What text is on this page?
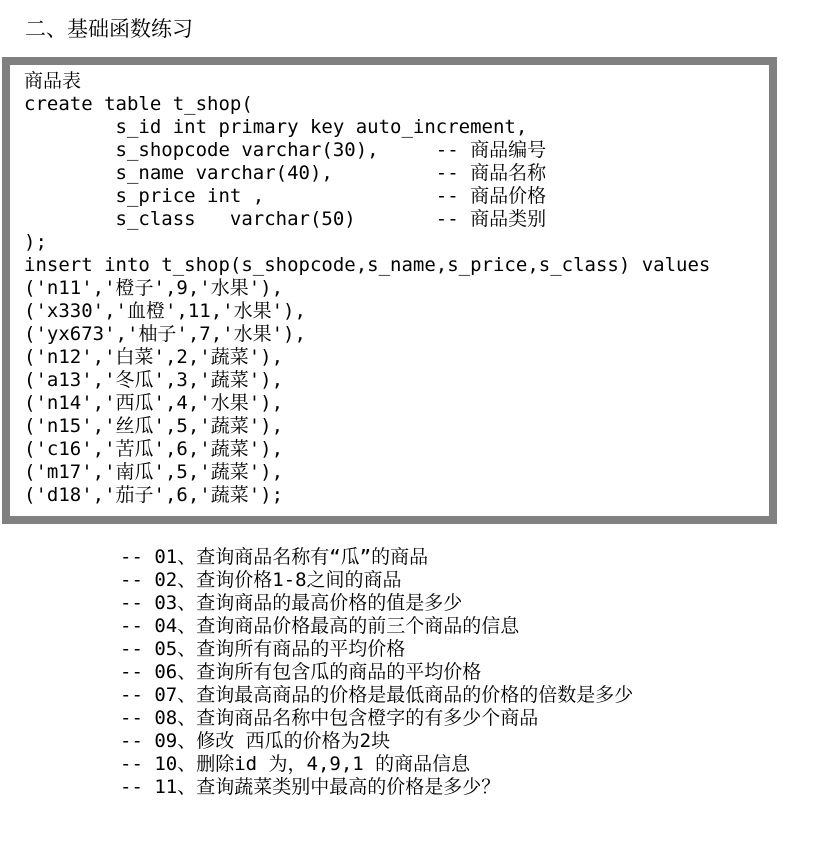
二、基础函数练习
商品表
create table t_shop(
s_id int primary key auto_increment,
s_shopcode varchar(30),     -- 商品编号
s_name varchar(40),         -- 商品名称
s_price int ,               -- 商品价格
s_class   varchar(50)       -- 商品类别
);
insert into t_shop(s_shopcode,s_name,s_price,s_class) values
('n11','橙子',9,'水果'),
('x330','血橙',11,'水果'),
('yx673','柚子',7,'水果'),
('n12','白菜',2,'蔬菜'),
('a13','冬瓜',3,'蔬菜'),
('n14','西瓜',4,'水果'),
('n15','丝瓜',5,'蔬菜'),
('c16','苦瓜',6,'蔬菜'),
('m17','南瓜',5,'蔬菜'),
('d18','茄子',6,'蔬菜');
-- 01、查询商品名称有“瓜”的商品
-- 02、查询价格1-8之间的商品
-- 03、查询商品的最高价格的值是多少
-- 04、查询商品价格最高的前三个商品的信息
-- 05、查询所有商品的平均价格
-- 06、查询所有包含瓜的商品的平均价格
-- 07、查询最高商品的价格是最低商品的价格的倍数是多少
-- 08、查询商品名称中包含橙字的有多少个商品
-- 09、修改 西瓜的价格为2块
-- 10、删除id 为，4,9,1 的商品信息
-- 11、查询蔬菜类别中最高的价格是多少？
